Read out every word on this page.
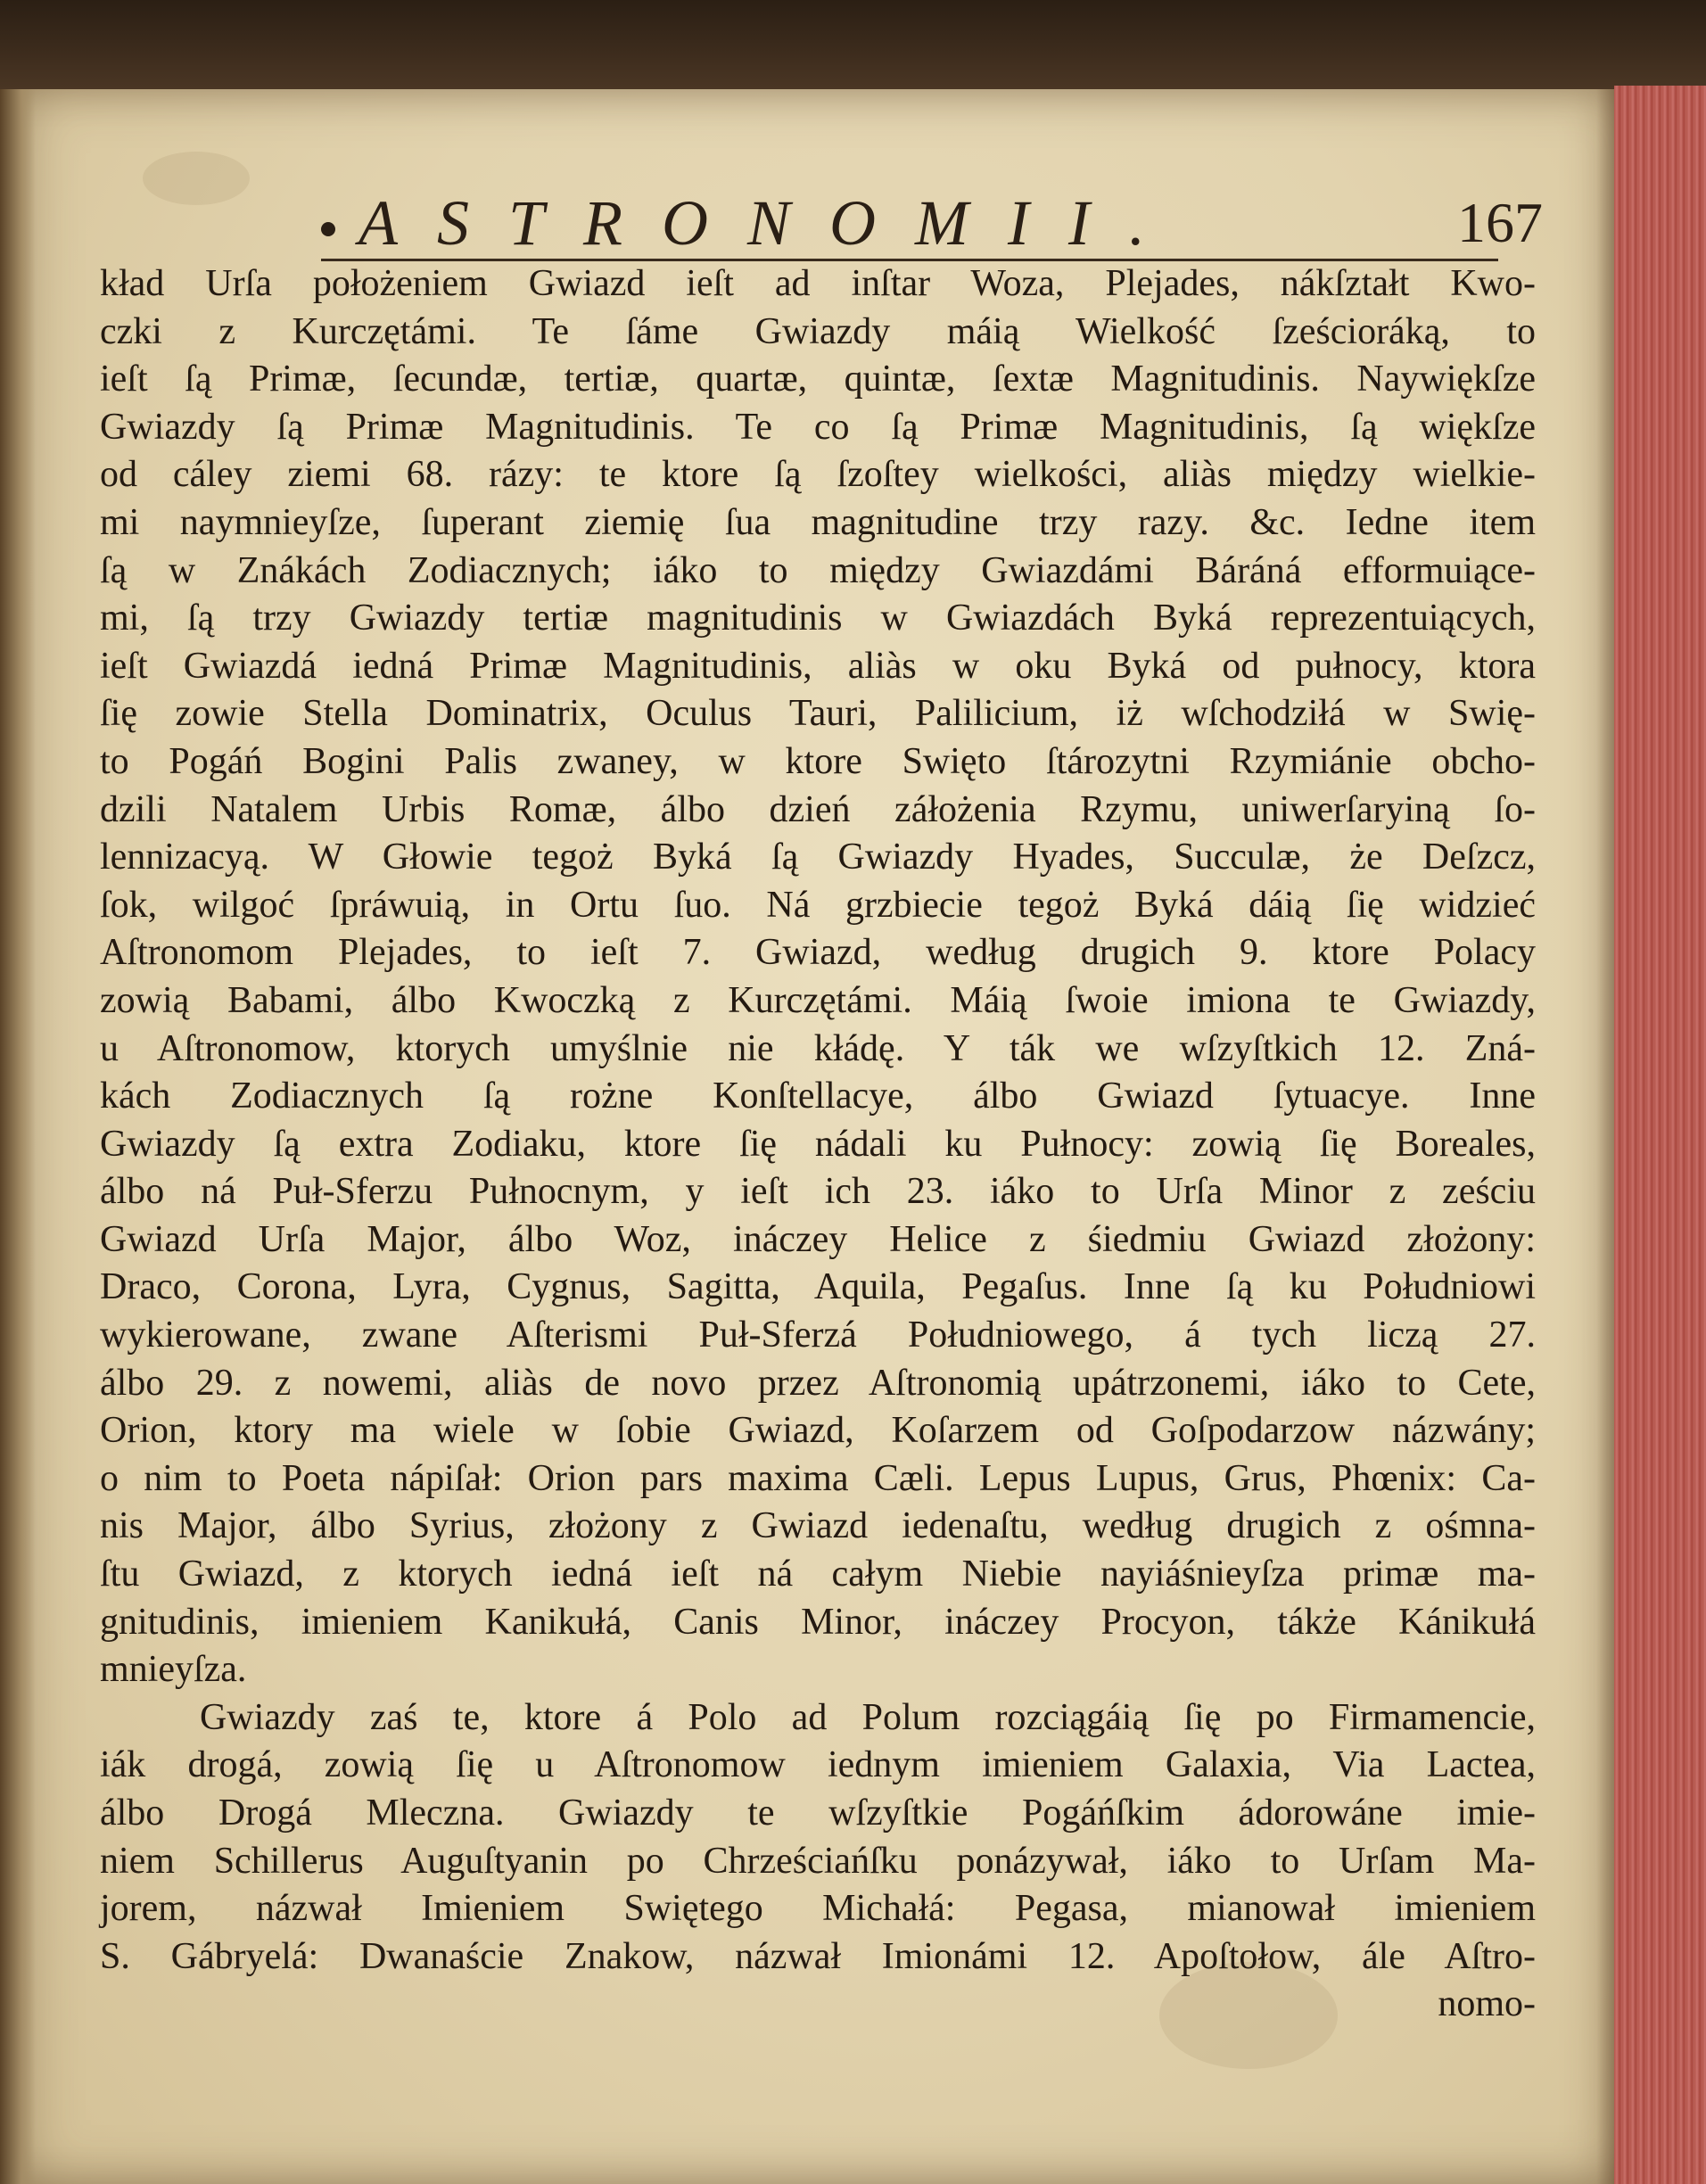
ASTRONOMII.	167
kład Urſa położeniem Gwiazd ieſt ad inſtar Woza, Plejades, nákſztałt Kwo-
czki z Kurczętámi. Te ſáme Gwiazdy máią Wielkość ſześcioráką, to
ieſt ſą Primæ, ſecundæ, tertiæ, quartæ, quintæ, ſextæ Magnitudinis. Naywiękſze
Gwiazdy ſą Primæ Magnitudinis. Te co ſą Primæ Magnitudinis, ſą więkſze
od cáley ziemi 68. rázy: te ktore ſą ſzoſtey wielkości, aliàs między wielkie-
mi naymnieyſze, ſuperant ziemię ſua magnitudine trzy razy. &c. Iedne item
ſą w Znákách Zodiacznych; iáko to między Gwiazdámi Báráná efformuiące-
mi, ſą trzy Gwiazdy tertiæ magnitudinis w Gwiazdách Byká reprezentuiących,
ieſt Gwiazdá iedná Primæ Magnitudinis, aliàs w oku Byká od pułnocy, ktora
ſię zowie Stella Dominatrix, Oculus Tauri, Palilicium, iż wſchodziłá w Swię-
to Pogáń Bogini Palis zwaney, w ktore Swięto ſtározytni Rzymiánie obcho-
dzili Natalem Urbis Romæ, álbo dzień záłożenia Rzymu, uniwerſaryiną ſo-
lennizacyą. W Głowie tegoż Byká ſą Gwiazdy Hyades, Succulæ, że Deſzcz,
ſok, wilgoć ſpráwuią, in Ortu ſuo. Ná grzbiecie tegoż Byká dáią ſię widzieć
Aſtronomom Plejades, to ieſt 7. Gwiazd, według drugich 9. ktore Polacy
zowią Babami, álbo Kwoczką z Kurczętámi. Máią ſwoie imiona te Gwiazdy,
u Aſtronomow, ktorych umyślnie nie kłádę. Y ták we wſzyſtkich 12. Zná-
kách Zodiacznych ſą rożne Konſtellacye, álbo Gwiazd ſytuacye. Inne
Gwiazdy ſą extra Zodiaku, ktore ſię nádali ku Pułnocy: zowią ſię Boreales,
álbo ná Puł-Sferzu Pułnocnym, y ieſt ich 23. iáko to Urſa Minor z ześciu
Gwiazd Urſa Major, álbo Woz, ináczey Helice z śiedmiu Gwiazd złożony:
Draco, Corona, Lyra, Cygnus, Sagitta, Aquila, Pegaſus. Inne ſą ku Południowi
wykierowane, zwane Aſterismi Puł-Sferzá Południowego, á tych liczą 27.
álbo 29. z nowemi, aliàs de novo przez Aſtronomią upátrzonemi, iáko to Cete,
Orion, ktory ma wiele w ſobie Gwiazd, Koſarzem od Goſpodarzow názwány;
o nim to Poeta nápiſał: Orion pars maxima Cæli. Lepus Lupus, Grus, Phœnix: Ca-
nis Major, álbo Syrius, złożony z Gwiazd iedenaſtu, według drugich z ośmna-
ſtu Gwiazd, z ktorych iedná ieſt ná całym Niebie nayiáśnieyſza primæ ma-
gnitudinis, imieniem Kanikułá, Canis Minor, ináczey Procyon, tákże Kánikułá
mnieyſza.
Gwiazdy zaś te, ktore á Polo ad Polum rozciągáią ſię po Firmamencie,
iák drogá, zowią ſię u Aſtronomow iednym imieniem Galaxia, Via Lactea,
álbo Drogá Mleczna. Gwiazdy te wſzyſtkie Pogáńſkim ádorowáne imie-
niem Schillerus Auguſtyanin po Chrześciańſku ponázywał, iáko to Urſam Ma-
jorem, názwał Imieniem Swiętego Michałá: Pegasa, mianował imieniem
S. Gábryelá: Dwanaście Znakow, názwał Imionámi 12. Apoſtołow, ále Aſtro-
nomo-
